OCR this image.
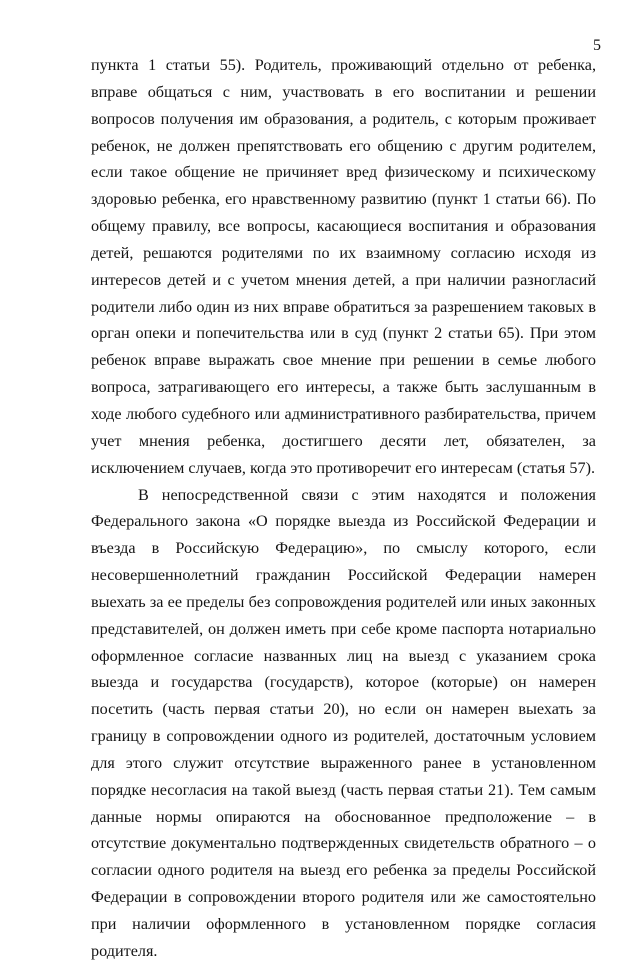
5

пункта 1 статьи 55). Родитель, проживающий отдельно от ребенка, вправе общаться с ним, участвовать в его воспитании и решении вопросов получения им образования, а родитель, с которым проживает ребенок, не должен препятствовать его общению с другим родителем, если такое общение не причиняет вред физическому и психическому здоровью ребенка, его нравственному развитию (пункт 1 статьи 66). По общему правилу, все вопросы, касающиеся воспитания и образования детей, решаются родителями по их взаимному согласию исходя из интересов детей и с учетом мнения детей, а при наличии разногласий родители либо один из них вправе обратиться за разрешением таковых в орган опеки и попечительства или в суд (пункт 2 статьи 65). При этом ребенок вправе выражать свое мнение при решении в семье любого вопроса, затрагивающего его интересы, а также быть заслушанным в ходе любого судебного или административного разбирательства, причем учет мнения ребенка, достигшего десяти лет, обязателен, за исключением случаев, когда это противоречит его интересам (статья 57).

В непосредственной связи с этим находятся и положения Федерального закона «О порядке выезда из Российской Федерации и въезда в Российскую Федерацию», по смыслу которого, если несовершеннолетний гражданин Российской Федерации намерен выехать за ее пределы без сопровождения родителей или иных законных представителей, он должен иметь при себе кроме паспорта нотариально оформленное согласие названных лиц на выезд с указанием срока выезда и государства (государств), которое (которые) он намерен посетить (часть первая статьи 20), но если он намерен выехать за границу в сопровождении одного из родителей, достаточным условием для этого служит отсутствие выраженного ранее в установленном порядке несогласия на такой выезд (часть первая статьи 21). Тем самым данные нормы опираются на обоснованное предположение – в отсутствие документально подтвержденных свидетельств обратного – о согласии одного родителя на выезд его ребенка за пределы Российской Федерации в сопровождении второго родителя или же самостоятельно при наличии оформленного в установленном порядке согласия родителя.
